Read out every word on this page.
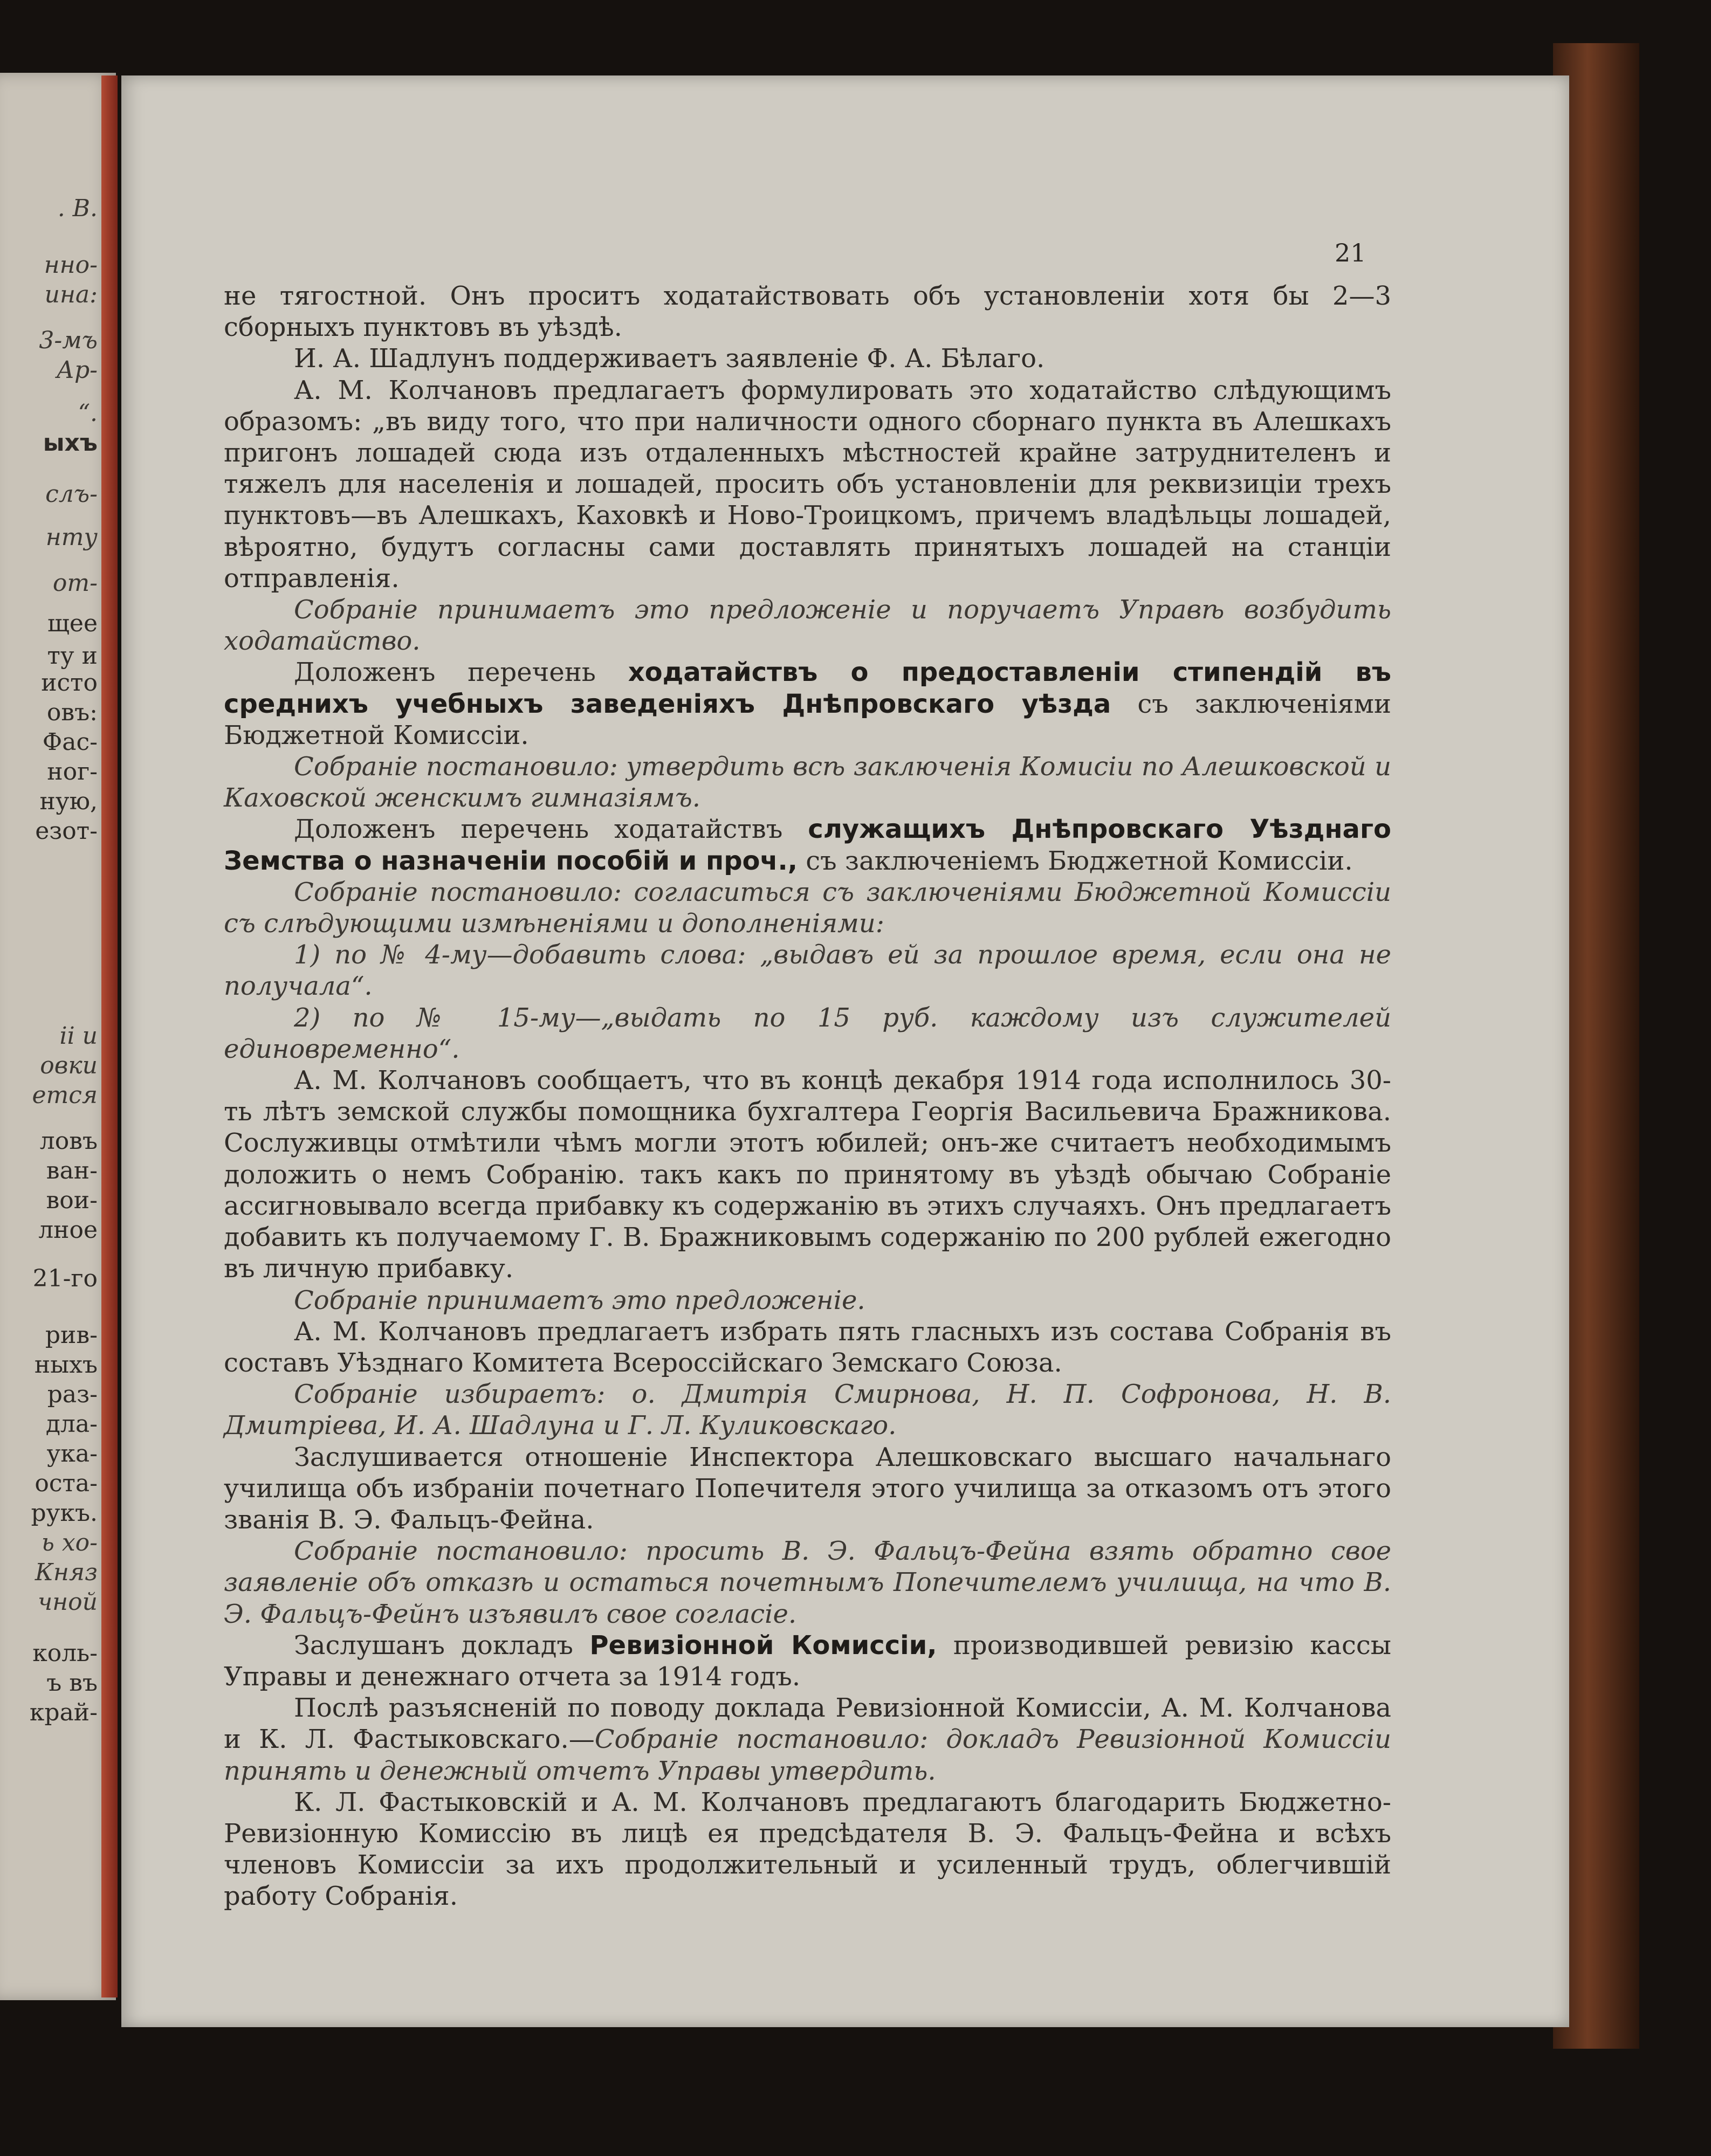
. В.
нно-
ина:
3-мъ
Ар-
“.
ыхъ
слъ-
нту
от-
щее
ту и
исто
овъ:
Фас-
ног-
ную,
езот-
ii и
овки
ется
ловъ
ван-
вои-
лное
21-го
рив-
ныхъ
раз-
дла-
ука-
оста-
рукъ.
ь хо-
Княз
чной
коль-
ъ въ
край-
21

не тягостной. Онъ проситъ ходатайствовать объ установленіи хотя бы 2—3 сборныхъ пунктовъ въ уѣздѣ.

И. А. Шадлунъ поддерживаетъ заявленіе Ф. А. Бѣлаго.

А. М. Колчановъ предлагаетъ формулировать это ходатайство слѣдующимъ образомъ: „въ виду того, что при наличности одного сборнаго пункта въ Алешкахъ пригонъ лошадей сюда изъ отдаленныхъ мѣстностей крайне затруднителенъ и тяжелъ для населенія и лошадей, просить объ установленіи для реквизиціи трехъ пунктовъ—въ Алешкахъ, Каховкѣ и Ново-Троицкомъ, причемъ владѣльцы лошадей, вѣроятно, будутъ согласны сами доставлять принятыхъ лошадей на станціи отправленія.

Собраніе принимаетъ это предложеніе и поручаетъ Управѣ возбудить ходатайство.

Доложенъ перечень ходатайствъ о предоставленіи стипендій въ среднихъ учебныхъ заведеніяхъ Днѣпровскаго уѣзда съ заключеніями Бюджетной Комиссіи.

Собраніе постановило: утвердить всѣ заключенія Комисіи по Алешковской и Каховской женскимъ гимназіямъ.

Доложенъ перечень ходатайствъ служащихъ Днѣпровскаго Уѣзднаго Земства о назначеніи пособій и проч., съ заключеніемъ Бюджетной Комиссіи.

Собраніе постановило: согласиться съ заключеніями Бюджетной Комиссіи съ слѣдующими измѣненіями и дополненіями:

1) по № 4-му—добавить слова: „выдавъ ей за прошлое время, если она не получала“.

2) по № 15-му—„выдать по 15 руб. каждому изъ служителей единовременно“.

А. М. Колчановъ сообщаетъ, что въ концѣ декабря 1914 года исполнилось 30-ть лѣтъ земской службы помощника бухгалтера Георгія Васильевича Бражникова. Сослуживцы отмѣтили чѣмъ могли этотъ юбилей; онъ-же считаетъ необходимымъ доложить о немъ Собранію. такъ какъ по принятому въ уѣздѣ обычаю Собраніе ассигновывало всегда прибавку къ содержанію въ этихъ случаяхъ. Онъ предлагаетъ добавить къ получаемому Г. В. Бражниковымъ содержанію по 200 рублей ежегодно въ личную прибавку.

Собраніе принимаетъ это предложеніе.

А. М. Колчановъ предлагаетъ избрать пять гласныхъ изъ состава Собранія въ составъ Уѣзднаго Комитета Всероссійскаго Земскаго Союза.

Собраніе избираетъ: о. Дмитрія Смирнова, Н. П. Софронова, Н. В. Дмитріева, И. А. Шадлуна и Г. Л. Куликовскаго.

Заслушивается отношеніе Инспектора Алешковскаго высшаго начальнаго училища объ избраніи почетнаго Попечителя этого училища за отказомъ отъ этого званія В. Э. Фальцъ-Фейна.

Собраніе постановило: просить В. Э. Фальцъ-Фейна взять обратно свое заявленіе объ отказѣ и остаться почетнымъ Попечителемъ училища, на что В. Э. Фальцъ-Фейнъ изъявилъ свое согласіе.

Заслушанъ докладъ Ревизіонной Комиссіи, производившей ревизію кассы Управы и денежнаго отчета за 1914 годъ.

Послѣ разъясненій по поводу доклада Ревизіонной Комиссіи, А. М. Колчанова и К. Л. Фастыковскаго.—Собраніе постановило: докладъ Ревизіонной Комиссіи принять и денежный отчетъ Управы утвердить.

К. Л. Фастыковскій и А. М. Колчановъ предлагаютъ благодарить Бюджетно-Ревизіонную Комиссію въ лицѣ ея предсѣдателя В. Э. Фальцъ-Фейна и всѣхъ членовъ Комиссіи за ихъ продолжительный и усиленный трудъ, облегчившій работу Собранія.
